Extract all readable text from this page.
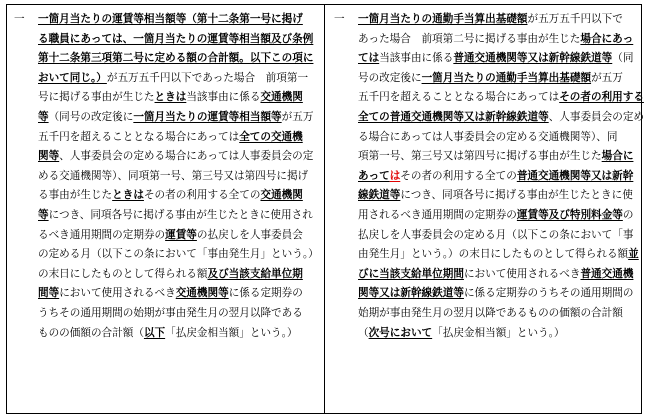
一 一箇月当たりの運賃等相当額等（第十二条第一号に掲げ
る職員にあっては、一箇月当たりの運賃等相当額及び条例
第十二条第三項第二号に定める額の合計額。以下この項に
おいて同じ。）が五万五千円以下であった場合　前項第一
号に掲げる事由が生じたときは当該事由に係る交通機関
等（同号の改定後に一箇月当たりの運賃等相当額等が五万
五千円を超えることとなる場合にあっては全ての交通機
関等、人事委員会の定める場合にあっては人事委員会の定
める交通機関等）、同項第一号、第三号又は第四号に掲げ
る事由が生じたときはその者の利用する全ての交通機関
等につき、同項各号に掲げる事由が生じたときに使用され
るべき通用期間の定期券の運賃等の払戻しを人事委員会
の定める月（以下この条において「事由発生月」という。）
の末日にしたものとして得られる額及び当該支給単位期
間等において使用されるべき交通機関等に係る定期券の
うちその通用期間の始期が事由発生月の翌月以降である
ものの価額の合計額（以下「払戻金相当額」という。）
一 一箇月当たりの通勤手当算出基礎額が五万五千円以下で
あった場合　前項第二号に掲げる事由が生じた場合にあっ
ては当該事由に係る普通交通機関等又は新幹線鉄道等（同
号の改定後に一箇月当たりの通勤手当算出基礎額が五万
五千円を超えることとなる場合にあってはその者の利用する
全ての普通交通機関等又は新幹線鉄道等、人事委員会の定め
る場合にあっては人事委員会の定める交通機関等）、同
項第一号、第三号又は第四号に掲げる事由が生じた場合に
あってはその者の利用する全ての普通交通機関等又は新幹
線鉄道等につき、同項各号に掲げる事由が生じたときに使
用されるべき通用期間の定期券の運賃等及び特別料金等の
払戻しを人事委員会の定める月（以下この条において「事
由発生月」という。）の末日にしたものとして得られる額並
びに当該支給単位期間において使用されるべき普通交通機
関等又は新幹線鉄道等に係る定期券のうちその通用期間の
始期が事由発生月の翌月以降であるものの価額の合計額
（次号において「払戻金相当額」という。）
